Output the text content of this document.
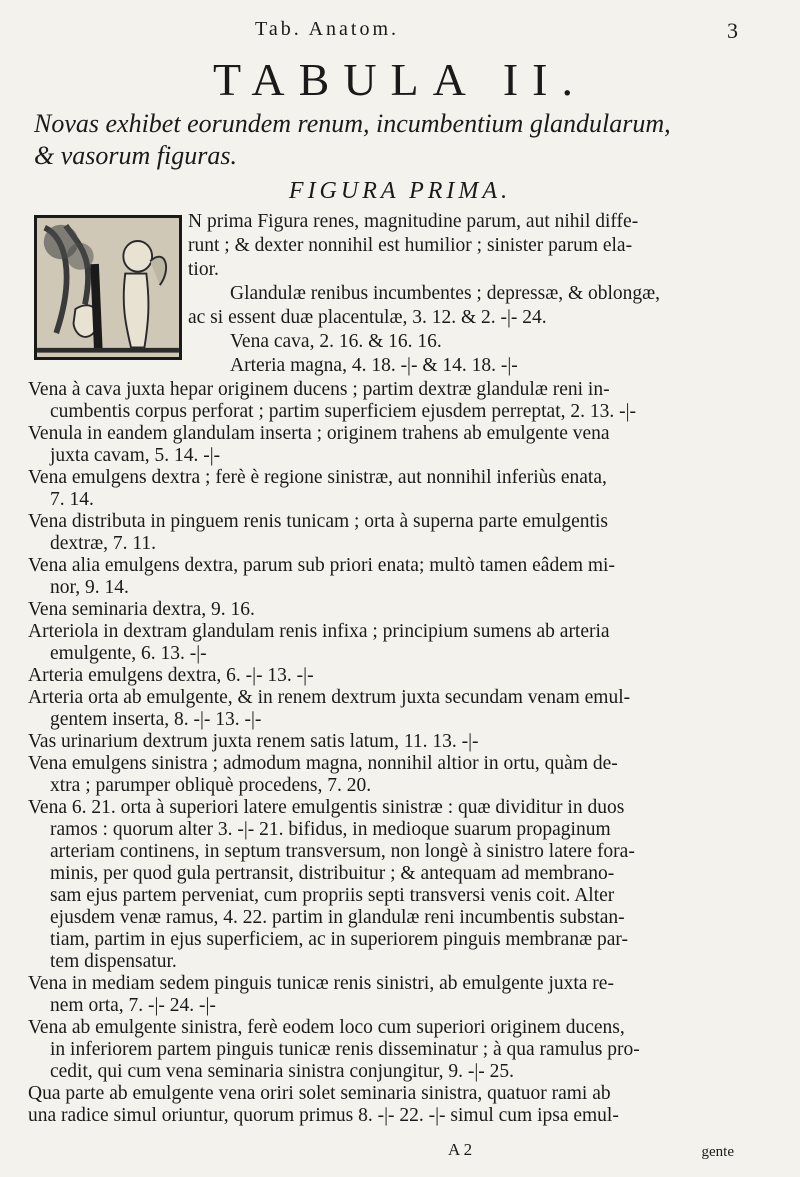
Tab. Anatom.	3
TABULA II.
Novas exhibet eorundem renum, incumbentium glandularum,
& vasorum figuras.
FIGURA PRIMA.
N prima Figura renes, magnitudine parum, aut nihil diffe-
runt ; & dexter nonnihil est humilior ; sinister parum ela-
tior.
Glandulæ renibus incumbentes ; depressæ, & oblongæ,
ac si essent duæ placentulæ, 3. 12. & 2. -|- 24.
Vena cava, 2. 16. & 16. 16.
Arteria magna, 4. 18. -|- & 14. 18. -|-
Vena à cava juxta hepar originem ducens ; partim dextræ glandulæ reni in-
cumbentis corpus perforat ; partim superficiem ejusdem perreptat, 2. 13. -|-
Venula in eandem glandulam inserta ; originem trahens ab emulgente vena
juxta cavam, 5. 14. -|-
Vena emulgens dextra ; ferè è regione sinistræ, aut nonnihil inferiùs enata,
7. 14.
Vena distributa in pinguem renis tunicam ; orta à superna parte emulgentis
dextræ, 7. 11.
Vena alia emulgens dextra, parum sub priori enata; multò tamen eâdem mi-
nor, 9. 14.
Vena seminaria dextra, 9. 16.
Arteriola in dextram glandulam renis infixa ; principium sumens ab arteria
emulgente, 6. 13. -|-
Arteria emulgens dextra, 6. -|- 13. -|-
Arteria orta ab emulgente, & in renem dextrum juxta secundam venam emul-
gentem inserta, 8. -|- 13. -|-
Vas urinarium dextrum juxta renem satis latum, 11. 13. -|-
Vena emulgens sinistra ; admodum magna, nonnihil altior in ortu, quàm de-
xtra ; parumper obliquè procedens, 7. 20.
Vena 6. 21. orta à superiori latere emulgentis sinistræ : quæ dividitur in duos
ramos : quorum alter 3. -|- 21. bifidus, in medioque suarum propaginum
arteriam continens, in septum transversum, non longè à sinistro latere fora-
minis, per quod gula pertransit, distribuitur ; & antequam ad membrano-
sam ejus partem perveniat, cum propriis septi transversi venis coit. Alter
ejusdem venæ ramus, 4. 22. partim in glandulæ reni incumbentis substan-
tiam, partim in ejus superficiem, ac in superiorem pinguis membranæ par-
tem dispensatur.
Vena in mediam sedem pinguis tunicæ renis sinistri, ab emulgente juxta re-
nem orta, 7. -|- 24. -|-
Vena ab emulgente sinistra, ferè eodem loco cum superiori originem ducens,
in inferiorem partem pinguis tunicæ renis disseminatur ; à qua ramulus pro-
A 2	gente
cedit, qui cum vena seminaria sinistra conjungitur, 9. -|- 25.
Qua parte ab emulgente vena oriri solet seminaria sinistra, quatuor rami ab
una radice simul oriuntur, quorum primus 8. -|- 22. -|- simul cum ipsa emul-
